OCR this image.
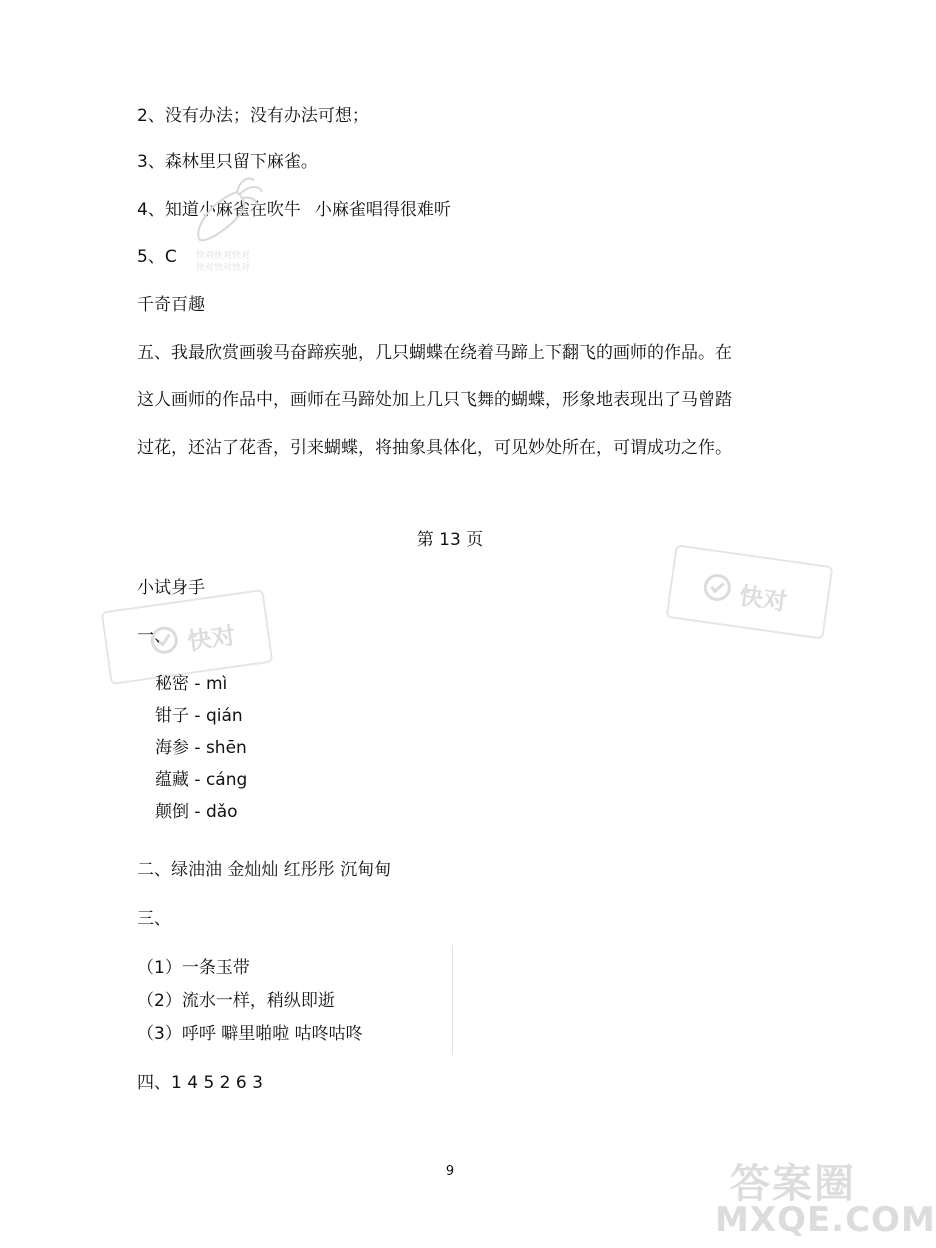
2、没有办法；没有办法可想；
3、森林里只留下麻雀。
4、知道小麻雀在吹牛 小麻雀唱得很难听
5、C 快对快对快对
快对快对快对
千奇百趣
五、我最欣赏画骏马奋蹄疾驰，几只蝴蝶在绕着马蹄上下翻飞的画师的作品。在
这人画师的作品中，画师在马蹄处加上几只飞舞的蝴蝶，形象地表现出了马曾踏
过花，还沾了花香，引来蝴蝶，将抽象具体化，可见妙处所在，可谓成功之作。
第 13 页
快对
小试身手
快对
一、
秘密 - mì
钳子 - qián
海参 - shēn
蕴藏 - cáng
颠倒 - dǎo
二、绿油油 金灿灿 红彤彤 沉甸甸
三、
（1）一条玉带
（2）流水一样，稍纵即逝
（3）呼呼 噼里啪啦 咕咚咕咚
四、1 4 5 2 6 3
9	答案圈
MXQE.COM
